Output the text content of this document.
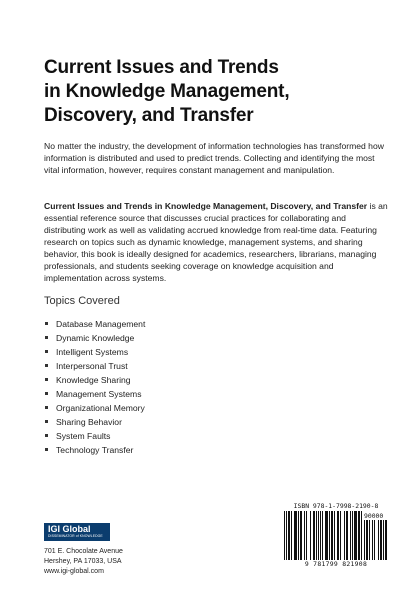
Current Issues and Trends
in Knowledge Management,
Discovery, and Transfer

No matter the industry, the development of information technologies has transformed how information is distributed and used to predict trends. Collecting and identifying the most vital information, however, requires constant management and manipulation.

Current Issues and Trends in Knowledge Management, Discovery, and Transfer is an essential reference source that discusses crucial practices for collaborating and distributing work as well as validating accrued knowledge from real-time data. Featuring research on topics such as dynamic knowledge, management systems, and sharing behavior, this book is ideally designed for academics, researchers, librarians, managing professionals, and students seeking coverage on knowledge acquisition and implementation across systems.

Topics Covered
Database Management
Dynamic Knowledge
Intelligent Systems
Interpersonal Trust
Knowledge Sharing
Management Systems
Organizational Memory
Sharing Behavior
System Faults
Technology Transfer
IGI Global
DISSEMINATOR of KNOWLEDGE

701 E. Chocolate Avenue
Hershey, PA 17033, USA
www.igi-global.com

ISBN 978-1-7998-2190-8
90000
9 781799 821908
